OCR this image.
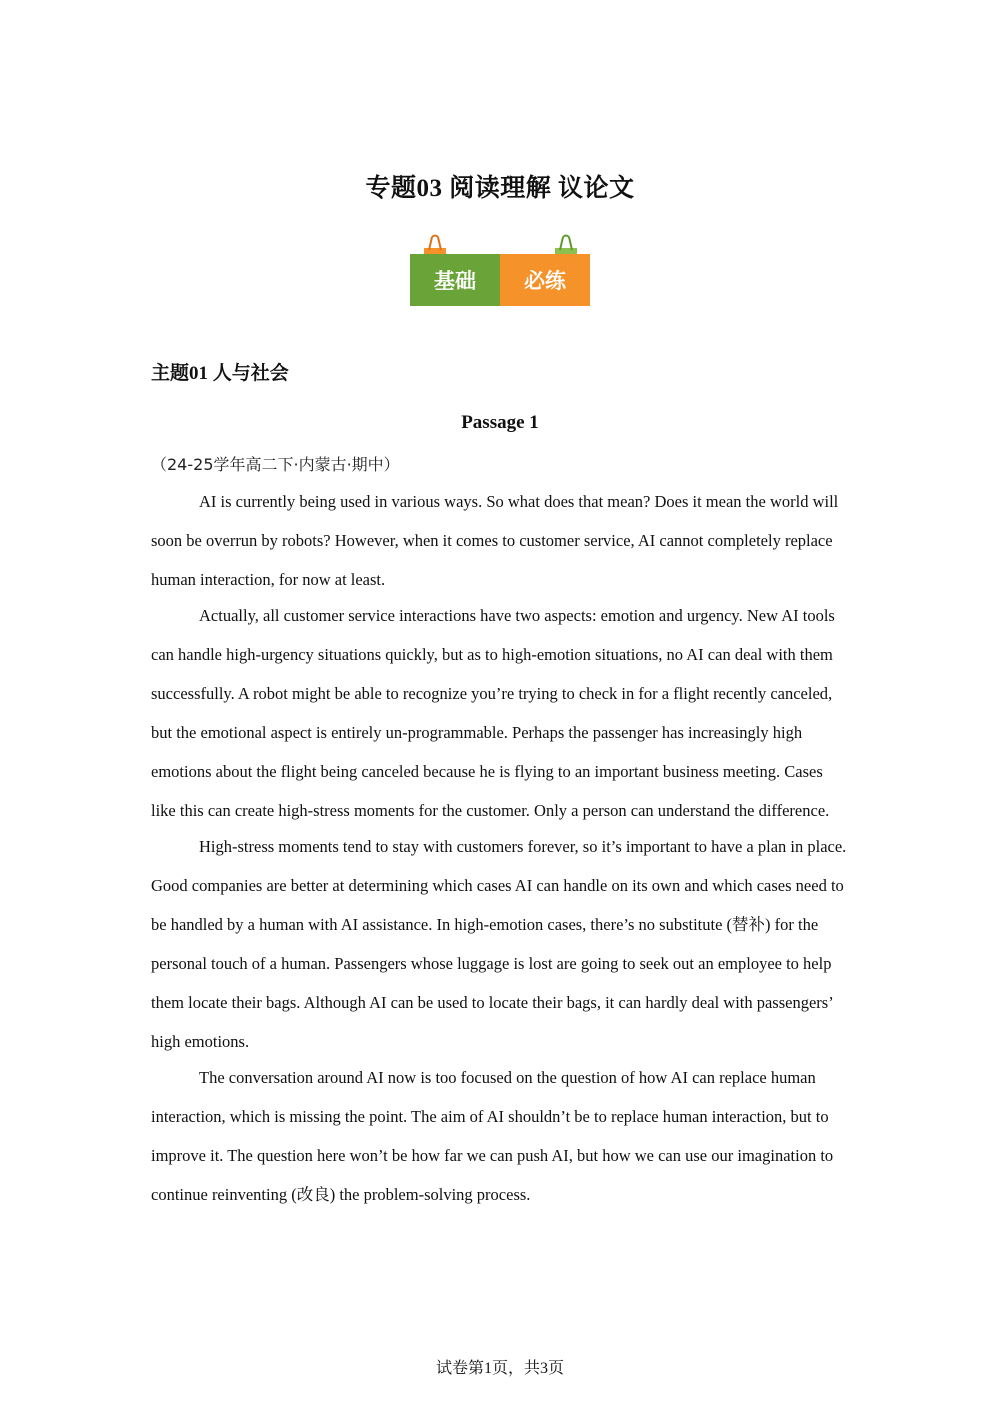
专题03 阅读理解 议论文
基础	必练
主题01 人与社会
Passage 1
（24-25学年高二下·内蒙古·期中）

AI is currently being used in various ways. So what does that mean? Does it mean the world will soon be overrun by robots? However, when it comes to customer service, AI cannot completely replace human interaction, for now at least.

Actually, all customer service interactions have two aspects: emotion and urgency. New AI tools can handle high-urgency situations quickly, but as to high-emotion situations, no AI can deal with them successfully. A robot might be able to recognize you’re trying to check in for a flight recently canceled, but the emotional aspect is entirely un-programmable. Perhaps the passenger has increasingly high emotions about the flight being canceled because he is flying to an important business meeting. Cases like this can create high-stress moments for the customer. Only a person can understand the difference.

High-stress moments tend to stay with customers forever, so it’s important to have a plan in place. Good companies are better at determining which cases AI can handle on its own and which cases need to be handled by a human with AI assistance. In high-emotion cases, there’s no substitute (替补) for the personal touch of a human. Passengers whose luggage is lost are going to seek out an employee to help them locate their bags. Although AI can be used to locate their bags, it can hardly deal with passengers’ high emotions.

The conversation around AI now is too focused on the question of how AI can replace human interaction, which is missing the point. The aim of AI shouldn’t be to replace human interaction, but to improve it. The question here won’t be how far we can push AI, but how we can use our imagination to continue reinventing (改良) the problem-solving process.

试卷第1页，共3页
